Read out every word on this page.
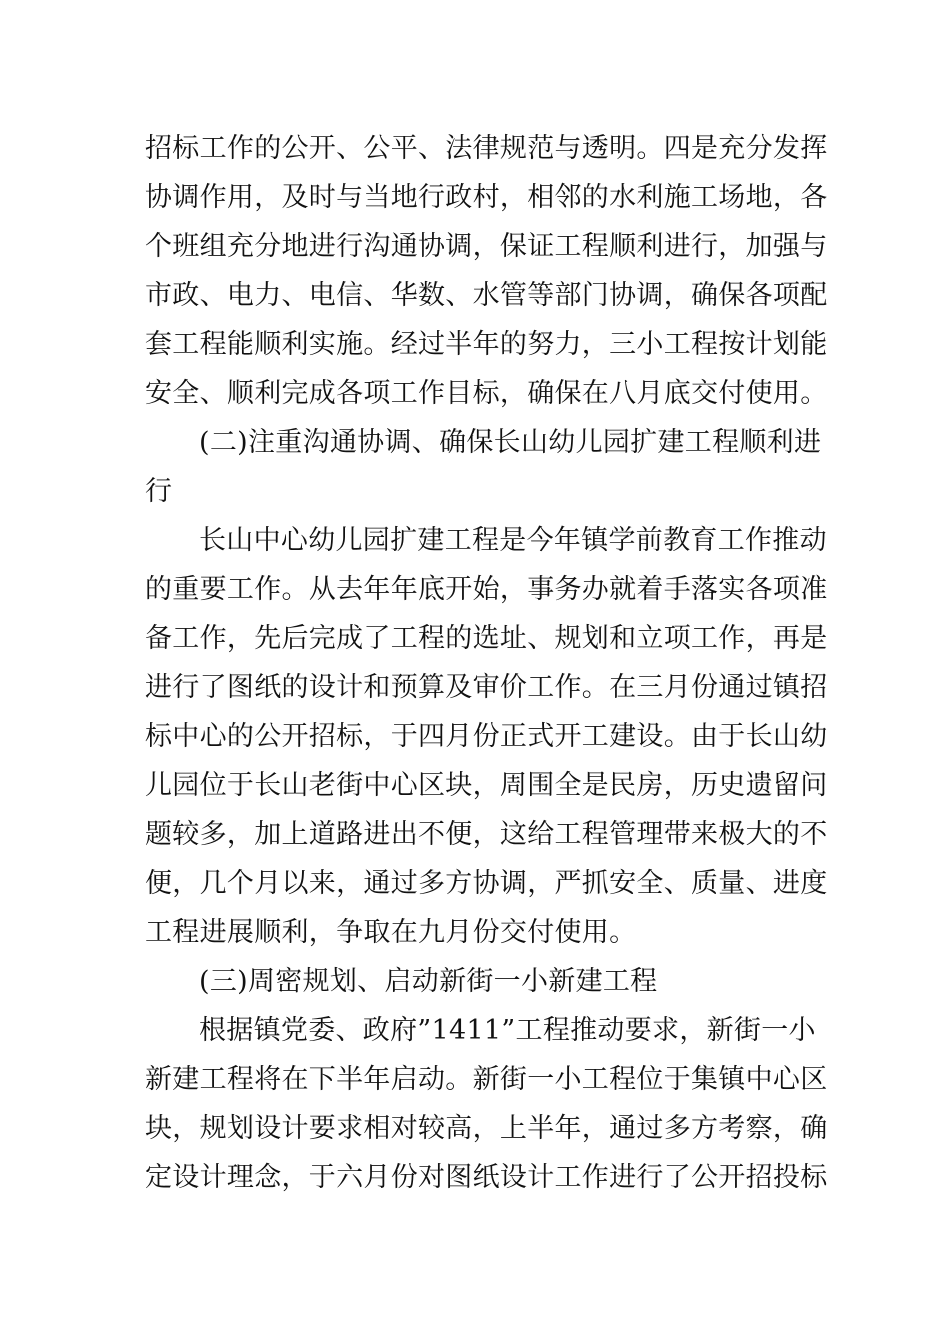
招标工作的公开、公平、法律规范与透明。四是充分发挥
协调作用，及时与当地行政村，相邻的水利施工场地，各
个班组充分地进行沟通协调，保证工程顺利进行，加强与
市政、电力、电信、华数、水管等部门协调，确保各项配
套工程能顺利实施。经过半年的努力，三小工程按计划能
安全、顺利完成各项工作目标，确保在八月底交付使用。
(二)注重沟通协调、确保长山幼儿园扩建工程顺利进
行
长山中心幼儿园扩建工程是今年镇学前教育工作推动
的重要工作。从去年年底开始，事务办就着手落实各项准
备工作，先后完成了工程的选址、规划和立项工作，再是
进行了图纸的设计和预算及审价工作。在三月份通过镇招
标中心的公开招标，于四月份正式开工建设。由于长山幼
儿园位于长山老街中心区块，周围全是民房，历史遗留问
题较多，加上道路进出不便，这给工程管理带来极大的不
便，几个月以来，通过多方协调，严抓安全、质量、进度
工程进展顺利，争取在九月份交付使用。
(三)周密规划、启动新街一小新建工程
根据镇党委、政府”1411”工程推动要求，新街一小
新建工程将在下半年启动。新街一小工程位于集镇中心区
块，规划设计要求相对较高，上半年，通过多方考察，确
定设计理念，于六月份对图纸设计工作进行了公开招投标
